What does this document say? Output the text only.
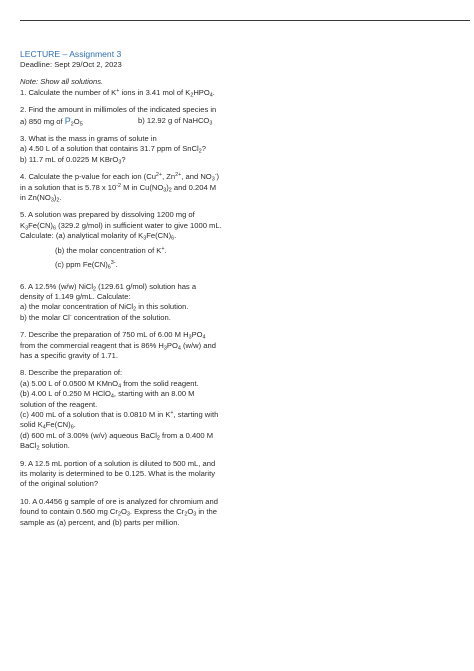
LECTURE – Assignment 3
Deadline: Sept 29/Oct 2, 2023
Note: Show all solutions.
1. Calculate the number of K+ ions in 3.41 mol of $K_2HPO_4$.
2. Find the amount in millimoles of the indicated species in
a) 850 mg of $P_2O_5$	b) 12.92 g of NaHCO$_3$
3. What is the mass in grams of solute in
a) 4.50 L of a solution that contains 31.7 ppm of SnCl$_2$?
b) 11.7 mL of 0.0225 M KBrO$_3$?
4. Calculate the p-value for each ion ($Cu^{2+}$, $Zn^{2+}$, and $NO_3^-$)
in a solution that is 5.78 x $10^{-2}$ M in $Cu(NO_3)_2$ and 0.204 M
in $Zn(NO_3)_2$.
5. A solution was prepared by dissolving 1200 mg of
$K_3Fe(CN)_6$ (329.2 g/mol) in sufficient water to give 1000 mL.
Calculate: (a) analytical molarity of $K_3Fe(CN)_6$.
(b) the molar concentration of K+.
(c) ppm $Fe(CN)_6^{3-}$.
6. A 12.5% (w/w) NiCl$_2$ (129.61 g/mol) solution has a
density of 1.149 g/mL. Calculate:
a) the molar concentration of NiCl$_2$ in this solution.
b) the molar Cl- concentration of the solution.
7. Describe the preparation of 750 mL of 6.00 M $H_3PO_4$
from the commercial reagent that is 86% $H_3PO_4$ (w/w) and
has a specific gravity of 1.71.
8. Describe the preparation of:
(a) 5.00 L of 0.0500 M KMnO$_4$ from the solid reagent.
(b) 4.00 L of 0.250 M HClO$_4$, starting with an 8.00 M
solution of the reagent.
(c) 400 mL of a solution that is 0.0810 M in K+, starting with
solid $K_4Fe(CN)_6$.
(d) 600 mL of 3.00% (w/v) aqueous BaCl$_2$ from a 0.400 M
BaCl$_2$ solution.
9. A 12.5 mL portion of a solution is diluted to 500 mL, and
its molarity is determined to be 0.125. What is the molarity
of the original solution?
10. A 0.4456 g sample of ore is analyzed for chromium and
found to contain 0.560 mg $Cr_2O_3$. Express the $Cr_2O_3$ in the
sample as (a) percent, and (b) parts per million.
